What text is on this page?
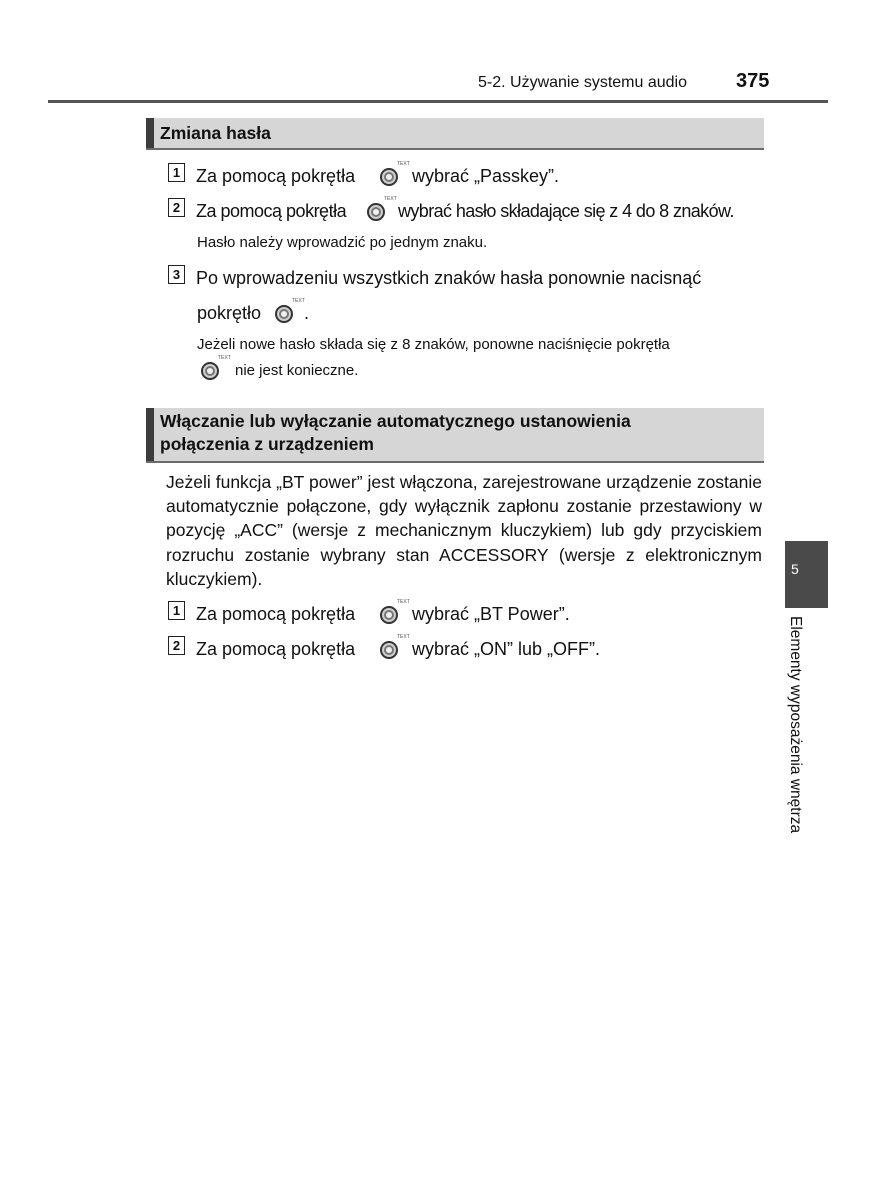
5-2. Używanie systemu audio 375
Zmiana hasła
1 Za pomocą pokrętła
TEXT
wybrać „Passkey”.
2 Za pomocą pokrętła
TEXT
wybrać hasło składające się z 4 do 8 znaków.
Hasło należy wprowadzić po jednym znaku.
3 Po wprowadzeniu wszystkich znaków hasła ponownie nacisnąć
pokrętło
TEXT
.
Jeżeli nowe hasło składa się z 8 znaków, ponowne naciśnięcie pokrętła
TEXT
nie jest konieczne.
Włączanie lub wyłączanie automatycznego ustanowienia
połączenia z urządzeniem

Jeżeli funkcja „BT power” jest włączona, zarejestrowane urządzenie zostanie automatycznie połączone, gdy wyłącznik zapłonu zostanie przestawiony w pozycję „ACC” (wersje z mechanicznym kluczykiem) lub gdy przyciskiem rozruchu zostanie wybrany stan ACCESSORY (wersje z elektronicznym kluczykiem).

1 Za pomocą pokrętła
TEXT
wybrać „BT Power”.
2 Za pomocą pokrętła
TEXT
wybrać „ON” lub „OFF”.
5
Elementy wyposażenia wnętrza
